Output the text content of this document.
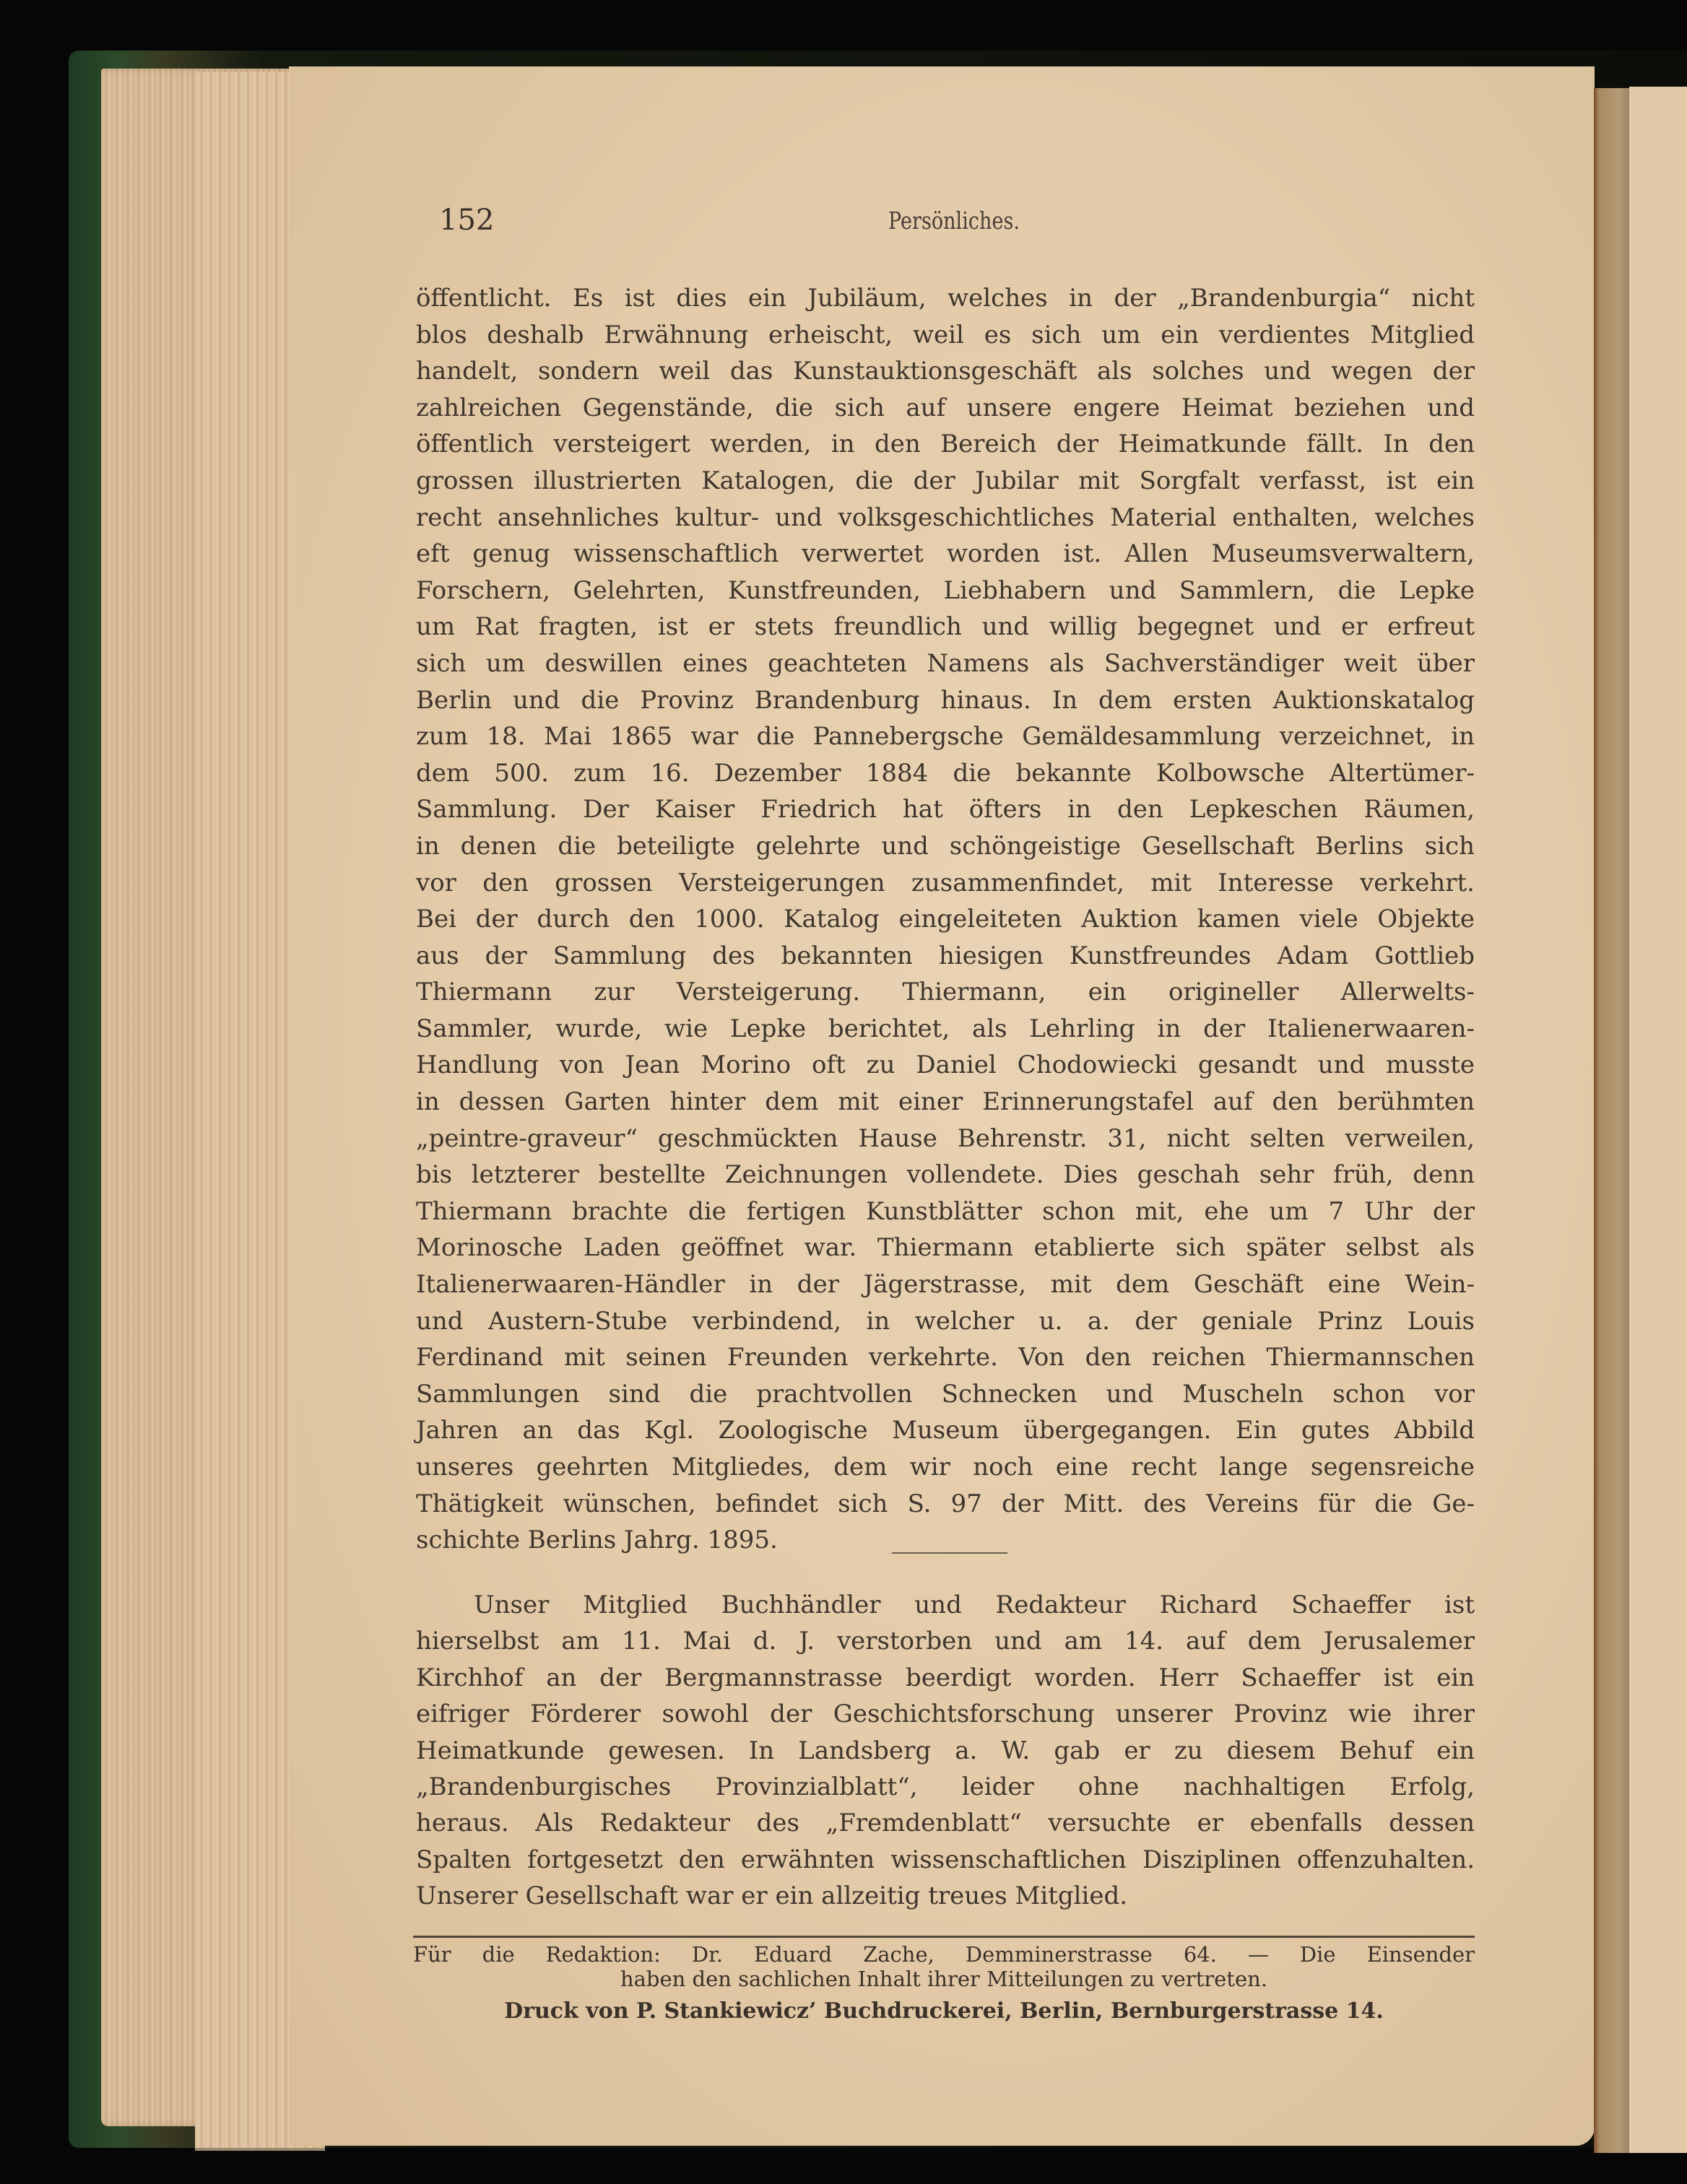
152	Persönliches.
öffentlicht. Es ist dies ein Jubiläum, welches in der „Brandenburgia“ nicht
blos deshalb Erwähnung erheischt, weil es sich um ein verdientes Mitglied
handelt, sondern weil das Kunstauktionsgeschäft als solches und wegen der
zahlreichen Gegenstände, die sich auf unsere engere Heimat beziehen und
öffentlich versteigert werden, in den Bereich der Heimatkunde fällt. In den
grossen illustrierten Katalogen, die der Jubilar mit Sorgfalt verfasst, ist ein
recht ansehnliches kultur- und volksgeschichtliches Material enthalten, welches
eft genug wissenschaftlich verwertet worden ist. Allen Museumsverwaltern,
Forschern, Gelehrten, Kunstfreunden, Liebhabern und Sammlern, die Lepke
um Rat fragten, ist er stets freundlich und willig begegnet und er erfreut
sich um deswillen eines geachteten Namens als Sachverständiger weit über
Berlin und die Provinz Brandenburg hinaus. In dem ersten Auktionskatalog
zum 18. Mai 1865 war die Pannebergsche Gemäldesammlung verzeichnet, in
dem 500. zum 16. Dezember 1884 die bekannte Kolbowsche Altertümer-
Sammlung. Der Kaiser Friedrich hat öfters in den Lepkeschen Räumen,
in denen die beteiligte gelehrte und schöngeistige Gesellschaft Berlins sich
vor den grossen Versteigerungen zusammenfindet, mit Interesse verkehrt.
Bei der durch den 1000. Katalog eingeleiteten Auktion kamen viele Objekte
aus der Sammlung des bekannten hiesigen Kunstfreundes Adam Gottlieb
Thiermann zur Versteigerung. Thiermann, ein origineller Allerwelts-
Sammler, wurde, wie Lepke berichtet, als Lehrling in der Italienerwaaren-
Handlung von Jean Morino oft zu Daniel Chodowiecki gesandt und musste
in dessen Garten hinter dem mit einer Erinnerungstafel auf den berühmten
„peintre-graveur“ geschmückten Hause Behrenstr. 31, nicht selten verweilen,
bis letzterer bestellte Zeichnungen vollendete. Dies geschah sehr früh, denn
Thiermann brachte die fertigen Kunstblätter schon mit, ehe um 7 Uhr der
Morinosche Laden geöffnet war. Thiermann etablierte sich später selbst als
Italienerwaaren-Händler in der Jägerstrasse, mit dem Geschäft eine Wein-
und Austern-Stube verbindend, in welcher u. a. der geniale Prinz Louis
Ferdinand mit seinen Freunden verkehrte. Von den reichen Thiermannschen
Sammlungen sind die prachtvollen Schnecken und Muscheln schon vor
Jahren an das Kgl. Zoologische Museum übergegangen. Ein gutes Abbild
unseres geehrten Mitgliedes, dem wir noch eine recht lange segensreiche
Thätigkeit wünschen, befindet sich S. 97 der Mitt. des Vereins für die Ge-
schichte Berlins Jahrg. 1895.
Unser Mitglied Buchhändler und Redakteur Richard Schaeffer ist
hierselbst am 11. Mai d. J. verstorben und am 14. auf dem Jerusalemer
Kirchhof an der Bergmannstrasse beerdigt worden. Herr Schaeffer ist ein
eifriger Förderer sowohl der Geschichtsforschung unserer Provinz wie ihrer
Heimatkunde gewesen. In Landsberg a. W. gab er zu diesem Behuf ein
„Brandenburgisches Provinzialblatt“, leider ohne nachhaltigen Erfolg,
heraus. Als Redakteur des „Fremdenblatt“ versuchte er ebenfalls dessen
Spalten fortgesetzt den erwähnten wissenschaftlichen Disziplinen offenzuhalten.
Unserer Gesellschaft war er ein allzeitig treues Mitglied.
Für die Redaktion: Dr. Eduard Zache, Demminerstrasse 64. — Die Einsender
haben den sachlichen Inhalt ihrer Mitteilungen zu vertreten.
Druck von P. Stankiewicz’ Buchdruckerei, Berlin, Bernburgerstrasse 14.
